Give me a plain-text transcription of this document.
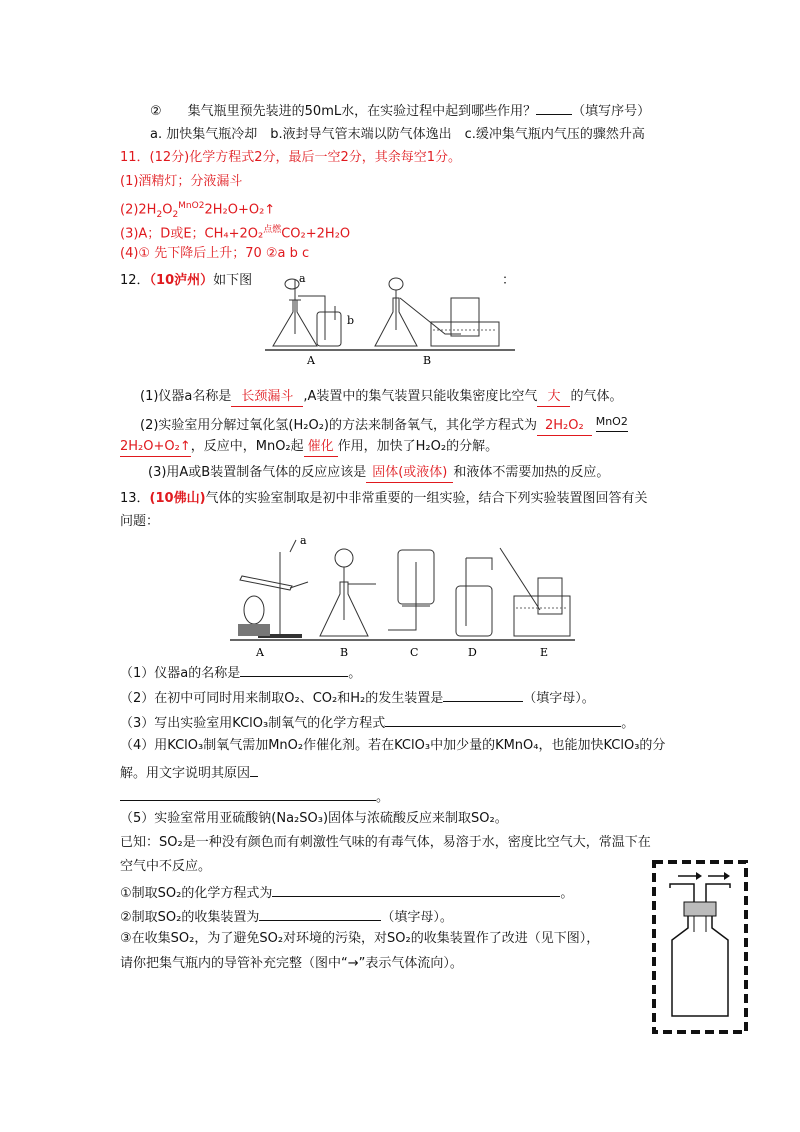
②　　集气瓶里预先装进的50mL水，在实验过程中起到哪些作用？	（填写序号）
a. 加快集气瓶冷却　b.液封导气管末端以防气体逸出　c.缓冲集气瓶内气压的骤然升高
11．(12分)化学方程式2分，最后一空2分，其余每空1分。
(1)酒精灯；分液漏斗
$(2)2H_2O_2^{MnO2}2H_2O+O_2↑$
(3)A；D或E；CH₄+2O₂$^{点燃}$CO₂+2H₂O
(4)① 先下降后上升；70 ②a b c
12．（10泸州）如下图	：
a
b
A	B
(1)仪器a名称是 长颈漏斗 ,A装置中的集气装置只能收集密度比空气 大 的气体。
(2)实验室用分解过氧化氢(H₂O₂)的方法来制备氧气，其化学方程式为 2H₂O₂ MnO2
2H₂O+O₂↑，反应中，MnO₂起 催化 作用，加快了H₂O₂的分解。
(3)用A或B装置制备气体的反应应该是 固体(或液体) 和液体不需要加热的反应。
13．(10佛山)气体的实验室制取是初中非常重要的一组实验，结合下列实验装置图回答有关
问题：
A
a
B	C	D	E
（1）仪器a的名称是	。
（2）在初中可同时用来制取O₂、CO₂和H₂的发生装置是	（填字母）。
（3）写出实验室用KClO₃制氧气的化学方程式	。
（4）用KClO₃制氧气需加MnO₂作催化剂。若在KClO₃中加少量的KMnO₄，也能加快KClO₃的分
解。用文字说明其原因
。
（5）实验室常用亚硫酸钠(Na₂SO₃)固体与浓硫酸反应来制取SO₂。
已知：SO₂是一种没有颜色而有刺激性气味的有毒气体，易溶于水，密度比空气大，常温下在
空气中不反应。
①制取SO₂的化学方程式为	。
②制取SO₂的收集装置为	（填字母）。
③在收集SO₂，为了避免SO₂对环境的污染，对SO₂的收集装置作了改进（见下图），
请你把集气瓶内的导管补充完整（图中“→”表示气体流向）。
